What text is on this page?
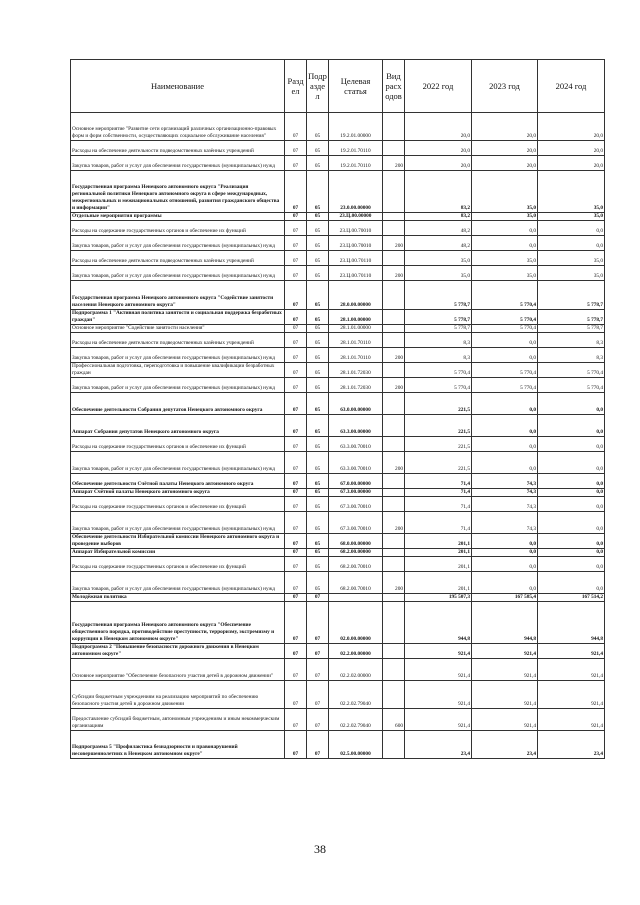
Наименование	Разд ел	Подр азде л	Целевая статья	Вид расх одов	2022 год	2023 год	2024 год
Основное мероприятие "Развитие сети организаций различных организационно-правовых форм и форм собственности, осуществляющих социальное обслуживание населения"	07	05	19.2.01.00000		20,0	20,0	20,0
Расходы на обеспечение деятельности подведомственных казённых учреждений	07	05	19.2.01.70110		20,0	20,0	20,0
Закупка товаров, работ и услуг для обеспечения государственных (муниципальных) нужд	07	05	19.2.01.70110	200	20,0	20,0	20,0
Государственная программа Ненецкого автономного округа "Реализация региональной политики Ненецкого автономного округа в сфере международных, межрегиональных и межнациональных отношений, развития гражданского общества и информации"	07	05	23.0.00.00000		83,2	35,0	35,0
Отдельные мероприятия программы	07	05	23.Ц.00.00000		83,2	35,0	35,0
Расходы на содержание государственных органов и обеспечение их функций	07	05	23.Ц.00.70010		48,2	0,0	0,0
Закупка товаров, работ и услуг для обеспечения государственных (муниципальных) нужд	07	05	23.Ц.00.70010	200	48,2	0,0	0,0
Расходы на обеспечение деятельности подведомственных казённых учреждений	07	05	23.Ц.00.70110		35,0	35,0	35,0
Закупка товаров, работ и услуг для обеспечения государственных (муниципальных) нужд	07	05	23.Ц.00.70110	200	35,0	35,0	35,0
Государственная программа Ненецкого автономного округа "Содействие занятости населения Ненецкого автономного округа"	07	05	28.0.00.00000		5 778,7	5 770,4	5 778,7
Подпрограмма 1 "Активная политика занятости и социальная поддержка безработных граждан"	07	05	28.1.00.00000		5 778,7	5 770,4	5 778,7
Основное мероприятие "Содействие занятости населения"	07	05	28.1.01.00000		5 778,7	5 770,4	5 778,7
Расходы на обеспечение деятельности подведомственных казённых учреждений	07	05	28.1.01.70110		8,3	0,0	8,3
Закупка товаров, работ и услуг для обеспечения государственных (муниципальных) нужд	07	05	28.1.01.70110	200	8,3	0,0	8,3
Профессиональная подготовка, переподготовка и повышение квалификации безработных граждан	07	05	28.1.01.72030		5 770,4	5 770,4	5 770,4
Закупка товаров, работ и услуг для обеспечения государственных (муниципальных) нужд	07	05	28.1.01.72030	200	5 770,4	5 770,4	5 770,4
Обеспечение деятельности Собрания депутатов Ненецкого автономного округа	07	05	63.0.00.00000		221,5	0,0	0,0
Аппарат Собрания депутатов Ненецкого автономного округа	07	05	63.3.00.00000		221,5	0,0	0,0
Расходы на содержание государственных органов и обеспечение их функций	07	05	63.3.00.70010		221,5	0,0	0,0
Закупка товаров, работ и услуг для обеспечения государственных (муниципальных) нужд	07	05	63.3.00.70010	200	221,5	0,0	0,0
Обеспечение деятельности Счётной палаты Ненецкого автономного округа	07	05	67.0.00.00000		71,4	74,3	0,0
Аппарат Счётной палаты Ненецкого автономного округа	07	05	67.3.00.00000		71,4	74,3	0,0
Расходы на содержание государственных органов и обеспечение их функций	07	05	67.3.00.70010		71,4	74,3	0,0
Закупка товаров, работ и услуг для обеспечения государственных (муниципальных) нужд	07	05	67.3.00.70010	200	71,4	74,3	0,0
Обеспечение деятельности Избирательной комиссии Ненецкого автономного округа и проведение выборов	07	05	68.0.00.00000		201,1	0,0	0,0
Аппарат Избирательной комиссии	07	05	68.2.00.00000		201,1	0,0	0,0
Расходы на содержание государственных органов и обеспечение их функций	07	05	68.2.00.70010		201,1	0,0	0,0
Закупка товаров, работ и услуг для обеспечения государственных (муниципальных) нужд	07	05	68.2.00.70010	200	201,1	0,0	0,0
Молодёжная политика	07	07			195 507,3	167 585,4	167 514,2
Государственная программа Ненецкого автономного округа "Обеспечение общественного порядка, противодействие преступности, терроризму, экстремизму и коррупции в Ненецком автономном округе"	07	07	02.0.00.00000		944,8	944,8	944,8
Подпрограмма 2 "Повышение безопасности дорожного движения в Ненецком автономном округе"	07	07	02.2.00.00000		921,4	921,4	921,4
Основное мероприятие "Обеспечение безопасного участия детей в дорожном движении"	07	07	02.2.02.00000		921,4	921,4	921,4
Субсидии бюджетным учреждениям на реализацию мероприятий по обеспечению безопасного участия детей в дорожном движении	07	07	02.2.02.79040		921,4	921,4	921,4
Предоставление субсидий бюджетным, автономным учреждениям и иным некоммерческим организациям	07	07	02.2.02.79040	600	921,4	921,4	921,4
Подпрограмма 5 "Профилактика безнадзорности и правонарушений несовершеннолетних в Ненецком автономном округе"	07	07	02.5.00.00000		23,4	23,4	23,4
38
